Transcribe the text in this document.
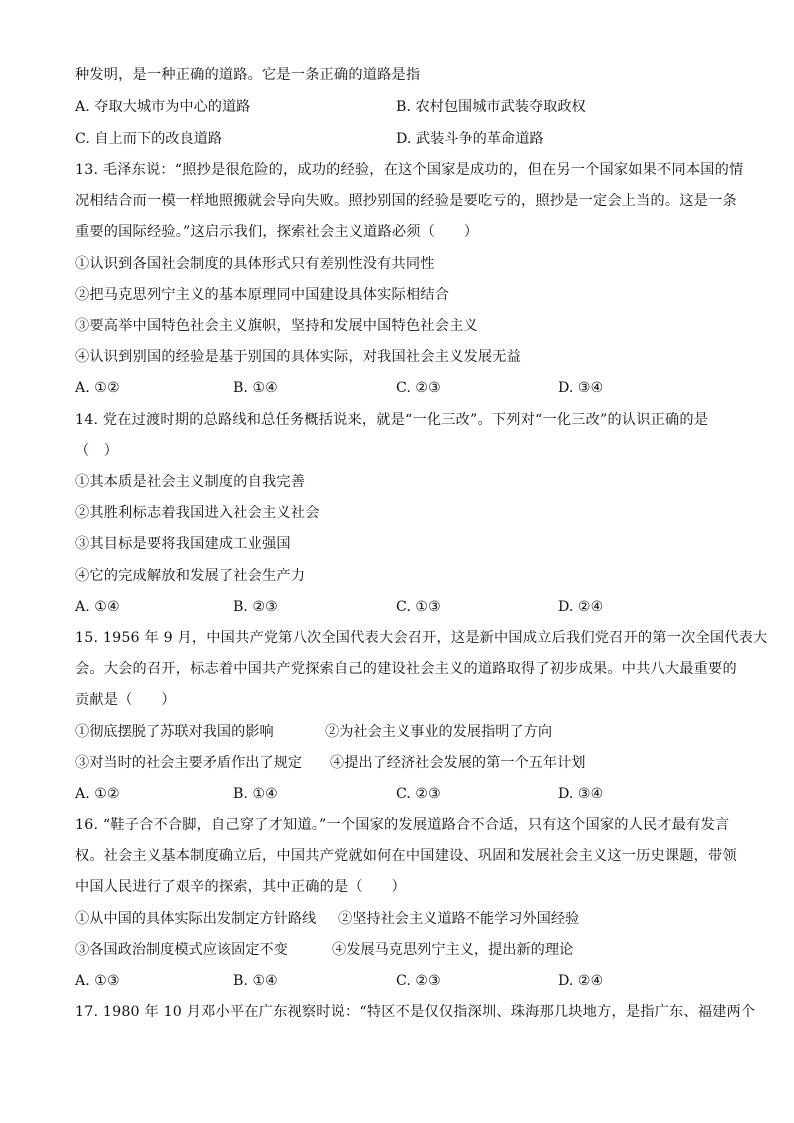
种发明，是一种正确的道路。它是一条正确的道路是指
A. 夺取大城市为中心的道路	B. 农村包围城市武装夺取政权
C. 自上而下的改良道路	D. 武装斗争的革命道路
13. 毛泽东说：“照抄是很危险的，成功的经验，在这个国家是成功的，但在另一个国家如果不同本国的情
况相结合而一模一样地照搬就会导向失败。照抄别国的经验是要吃亏的，照抄是一定会上当的。这是一条
重要的国际经验。”这启示我们，探索社会主义道路必须（　　）
①认识到各国社会制度的具体形式只有差别性没有共同性
②把马克思列宁主义的基本原理同中国建设具体实际相结合
③要高举中国特色社会主义旗帜，坚持和发展中国特色社会主义
④认识到别国的经验是基于别国的具体实际，对我国社会主义发展无益
A. ①②	B. ①④	C. ②③	D. ③④
14. 党在过渡时期的总路线和总任务概括说来，就是“一化三改”。下列对“一化三改”的认识正确的是
（　）
①其本质是社会主义制度的自我完善
②其胜利标志着我国进入社会主义社会
③其目标是要将我国建成工业强国
④它的完成解放和发展了社会生产力
A. ①④	B. ②③	C. ①③	D. ②④
15. 1956 年 9 月，中国共产党第八次全国代表大会召开，这是新中国成立后我们党召开的第一次全国代表大
会。大会的召开，标志着中国共产党探索自己的建设社会主义的道路取得了初步成果。中共八大最重要的
贡献是（　　）
①彻底摆脱了苏联对我国的影响	②为社会主义事业的发展指明了方向
③对当时的社会主要矛盾作出了规定 ④提出了经济社会发展的第一个五年计划
A. ①②	B. ①④	C. ②③	D. ③④
16. “鞋子合不合脚，自己穿了才知道。”一个国家的发展道路合不合适，只有这个国家的人民才最有发言
权。社会主义基本制度确立后，中国共产党就如何在中国建设、巩固和发展社会主义这一历史课题，带领
中国人民进行了艰辛的探索，其中正确的是（　　）
①从中国的具体实际出发制定方针路线 ②坚持社会主义道路不能学习外国经验
③各国政治制度模式应该固定不变	④发展马克思列宁主义，提出新的理论
A. ①③	B. ①④	C. ②③	D. ②④
17. 1980 年 10 月邓小平在广东视察时说：“特区不是仅仅指深圳、珠海那几块地方，是指广东、福建两个
